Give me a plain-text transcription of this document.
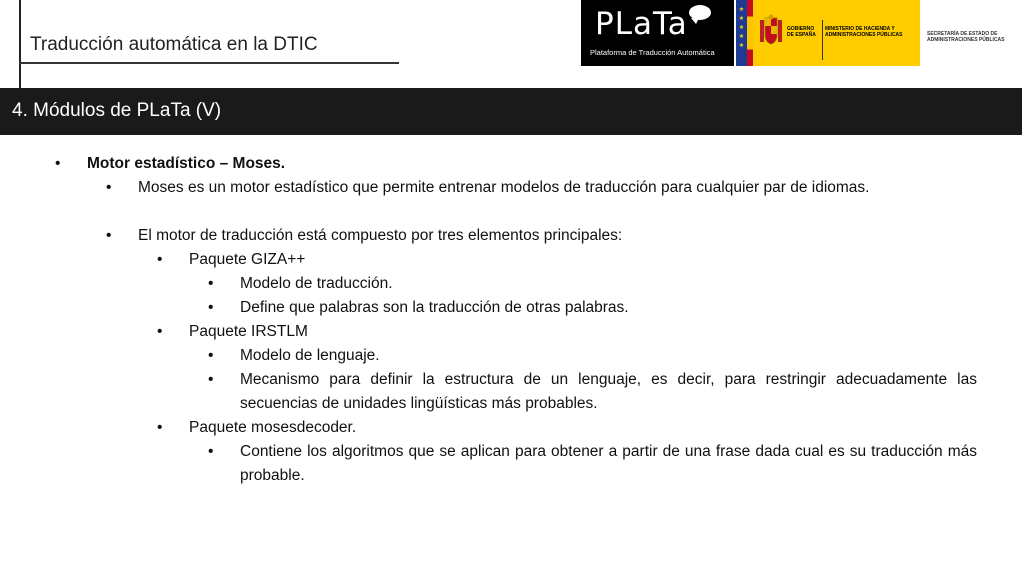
Traducción automática en la DTIC
PLaTa
Plataforma de Traducción Automática
★
★
★
★
★
GOBIERNO DE ESPAÑA
MINISTERIO DE HACIENDA Y ADMINISTRACIONES PÚBLICAS	SECRETARÍA DE ESTADO DE ADMINISTRACIONES PÚBLICAS
4. Módulos de PLaTa (V)
• Motor estadístico – Moses.
• Moses es un motor estadístico que permite entrenar modelos de traducción para cualquier par de idiomas.
• El motor de traducción está compuesto por tres elementos principales:
• Paquete GIZA++
• Modelo de traducción.
• Define que palabras son la traducción de otras palabras.
• Paquete IRSTLM
• Modelo de lenguaje.
• Mecanismo para definir la estructura de un lenguaje, es decir, para restringir adecuadamente las secuencias de unidades lingüísticas más probables.
• Paquete mosesdecoder.
• Contiene los algoritmos que se aplican para obtener a partir de una frase dada cual es su traducción más probable.
